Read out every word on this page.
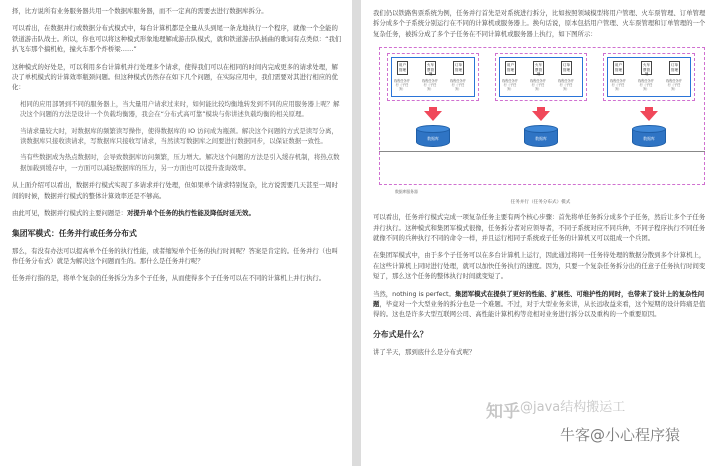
择，比方说所有业务服务器共用一个数据库服务器，而不一定真的需要去进行数据库拆分。

可以看出，在数据并行或数据分布式模式中，每台计算机都是全量从头到尾一条龙地执行一个程序，就像一个全能的铁道游击队战士。所以，你也可以将这种模式形象地理解成游击队模式，就和铁道游击队插曲的歌词有点类似：“我们扒飞车那个搞机枪，撞火车那个炸桥梁……”

这种模式的好处是，可以利用多台计算机并行处理多个请求，使得我们可以在相同的时间内完成更多的请求处理，解决了单机模式的计算效率瓶颈问题。但这种模式仍然存在如下几个问题，在实际应用中，我们需要对其进行相应的优化：

相同的应用部署到不同的服务器上，当大量用户请求过来时，如何能比较均衡地转发到不同的应用服务器上呢？解决这个问题的方法是设计一个负载均衡器，我会在“分布式高可靠”模块与你讲述负载均衡的相关原理。

当请求量较大时，对数据库的频繁读写操作，使得数据库的 IO 访问成为瓶颈。解决这个问题的方式是读写分离，读数据库只接收读请求，写数据库只接收写请求，当然读写数据库之间要进行数据同步，以保证数据一致性。

当有些数据成为热点数据时，会导致数据库访问频繁，压力增大。解决这个问题的方法是引入缓存机制，将热点数据加载到缓存中，一方面可以减轻数据库的压力，另一方面也可以提升查询效率。

从上面介绍可以看出，数据并行模式实现了多请求并行处理，但如果单个请求特别复杂，比方说需要几天甚至一周时间的时候，数据并行模式的整体计算效率还是不够高。

由此可见，数据并行模式的主要问题是：对提升单个任务的执行性能及降低时延无效。

集团军模式：任务并行或任务分布式

那么，有没有办法可以提高单个任务的执行性能，或者缩短单个任务的执行时间呢？答案是肯定的。任务并行（也叫作任务分布式）就是为解决这个问题而生的。那什么是任务并行呢？

任务并行指的是，将单个复杂的任务拆分为多个子任务，从而使得多个子任务可以在不同的计算机上并行执行。

我们仍以铁路售票系统为例，任务并行首先是对系统进行拆分，比如按照领域模型将用户管理、火车票管理、订单管理拆分成多个子系统分别运行在不同的计算机或服务器上。换句话说，原本包括用户管理、火车票管理和订单管理的一个复杂任务，被拆分成了多个子任务在不同计算机或服务器上执行，如下图所示：

用户管理
火车票管理
订单管理
线程任务并行（子任务）
线程任务并行（子任务）
线程任务并行（子任务）
数据库
用户管理
火车票管理
订单管理
线程任务并行（子任务）
线程任务并行（子任务）
线程任务并行（子任务）
数据库
用户管理
火车票管理
订单管理
线程任务并行（子任务）
线程任务并行（子任务）
线程任务并行（子任务）
数据库
数据库服务器
任务并行（任务分布式）模式

可以看出，任务并行模式完成一项复杂任务主要有两个核心步骤：首先将单任务拆分成多个子任务，然后让多个子任务并行执行。这种模式和集团军模式很像，任务拆分者对应领导者，不同子系统对应不同兵种，不同子程序执行不同任务就像不同的兵种执行不同的命令一样，并且运行相同子系统或子任务的计算机又可以组成一个兵团。

在集团军模式中，由于多个子任务可以在多台计算机上运行，因此通过将同一任务待处理的数据分散到多个计算机上，在这些计算机上同时进行处理，就可以加快任务执行的速度。因为，只要一个复杂任务拆分出的任意子任务执行时间变短了，那么这个任务的整体执行时间就变短了。

当然，nothing is perfect。集团军模式在提供了更好的性能、扩展性、可维护性的同时，也带来了设计上的复杂性问题，毕竟对一个大型业务的拆分也是一个难题。不过，对于大型业务来讲，从长远收益来看，这个短期的设计阵痛是值得的。这也是许多大型互联网公司、高性能计算机构等竞相对业务进行拆分以及重构的一个重要原因。

分布式是什么？

讲了半天，那到底什么是分布式呢？

知乎 @java结构搬运工
牛客@小心程序猿
